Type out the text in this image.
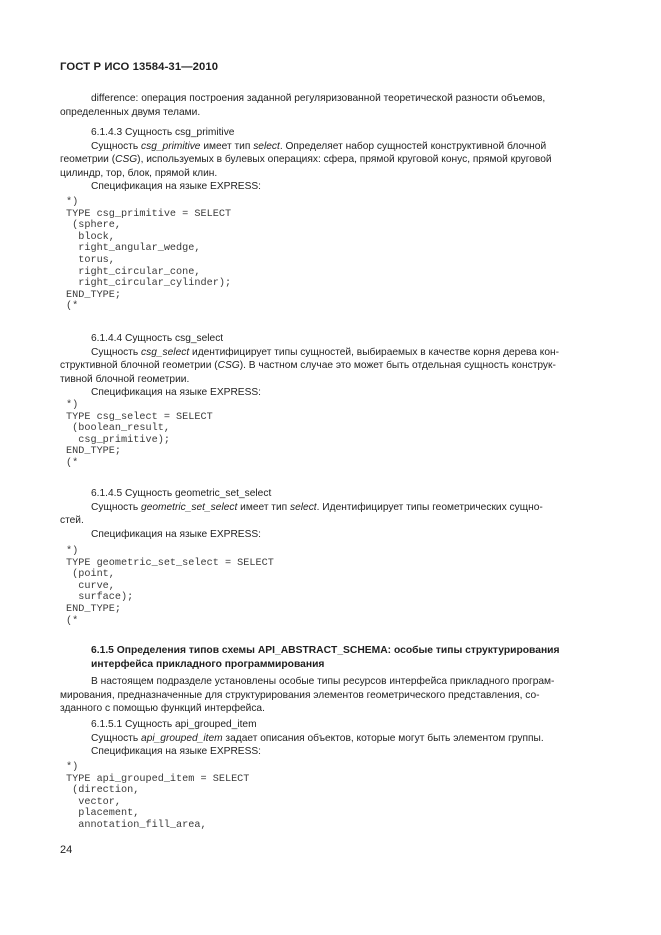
ГОСТ Р ИСО 13584-31—2010

difference: операция построения заданной регуляризованной теоретической разности объемов,

определенных двумя телами.

6.1.4.3 Сущность csg_primitive

Сущность csg_primitive имеет тип select. Определяет набор сущностей конструктивной блочной

геометрии (CSG), используемых в булевых операциях: сфера, прямой круговой конус, прямой круговой

цилиндр, тор, блок, прямой клин.

Спецификация на языке EXPRESS:

*)
TYPE csg_primitive = SELECT
(sphere,
block,
right_angular_wedge,
torus,
right_circular_cone,
right_circular_cylinder);
END_TYPE;
(*

6.1.4.4 Сущность csg_select

Сущность csg_select идентифицирует типы сущностей, выбираемых в качестве корня дерева кон-

структивной блочной геометрии (CSG). В частном случае это может быть отдельная сущность конструк-

тивной блочной геометрии.

Спецификация на языке EXPRESS:

*)
TYPE csg_select = SELECT
(boolean_result,
csg_primitive);
END_TYPE;
(*

6.1.4.5 Сущность geometric_set_select

Сущность geometric_set_select имеет тип select. Идентифицирует типы геометрических сущно-

стей.

Спецификация на языке EXPRESS:

*)
TYPE geometric_set_select = SELECT
(point,
curve,
surface);
END_TYPE;
(*
6.1.5 Определения типов схемы API_ABSTRACT_SCHEMA: особые типы структурирования
интерфейса прикладного программирования

В настоящем подразделе установлены особые типы ресурсов интерфейса прикладного програм-

мирования, предназначенные для структурирования элементов геометрического представления, со-

зданного с помощью функций интерфейса.

6.1.5.1 Сущность api_grouped_item

Сущность api_grouped_item задает описания объектов, которые могут быть элементом группы.

Спецификация на языке EXPRESS:

*)
TYPE api_grouped_item = SELECT
(direction,
vector,
placement,
annotation_fill_area,
24
